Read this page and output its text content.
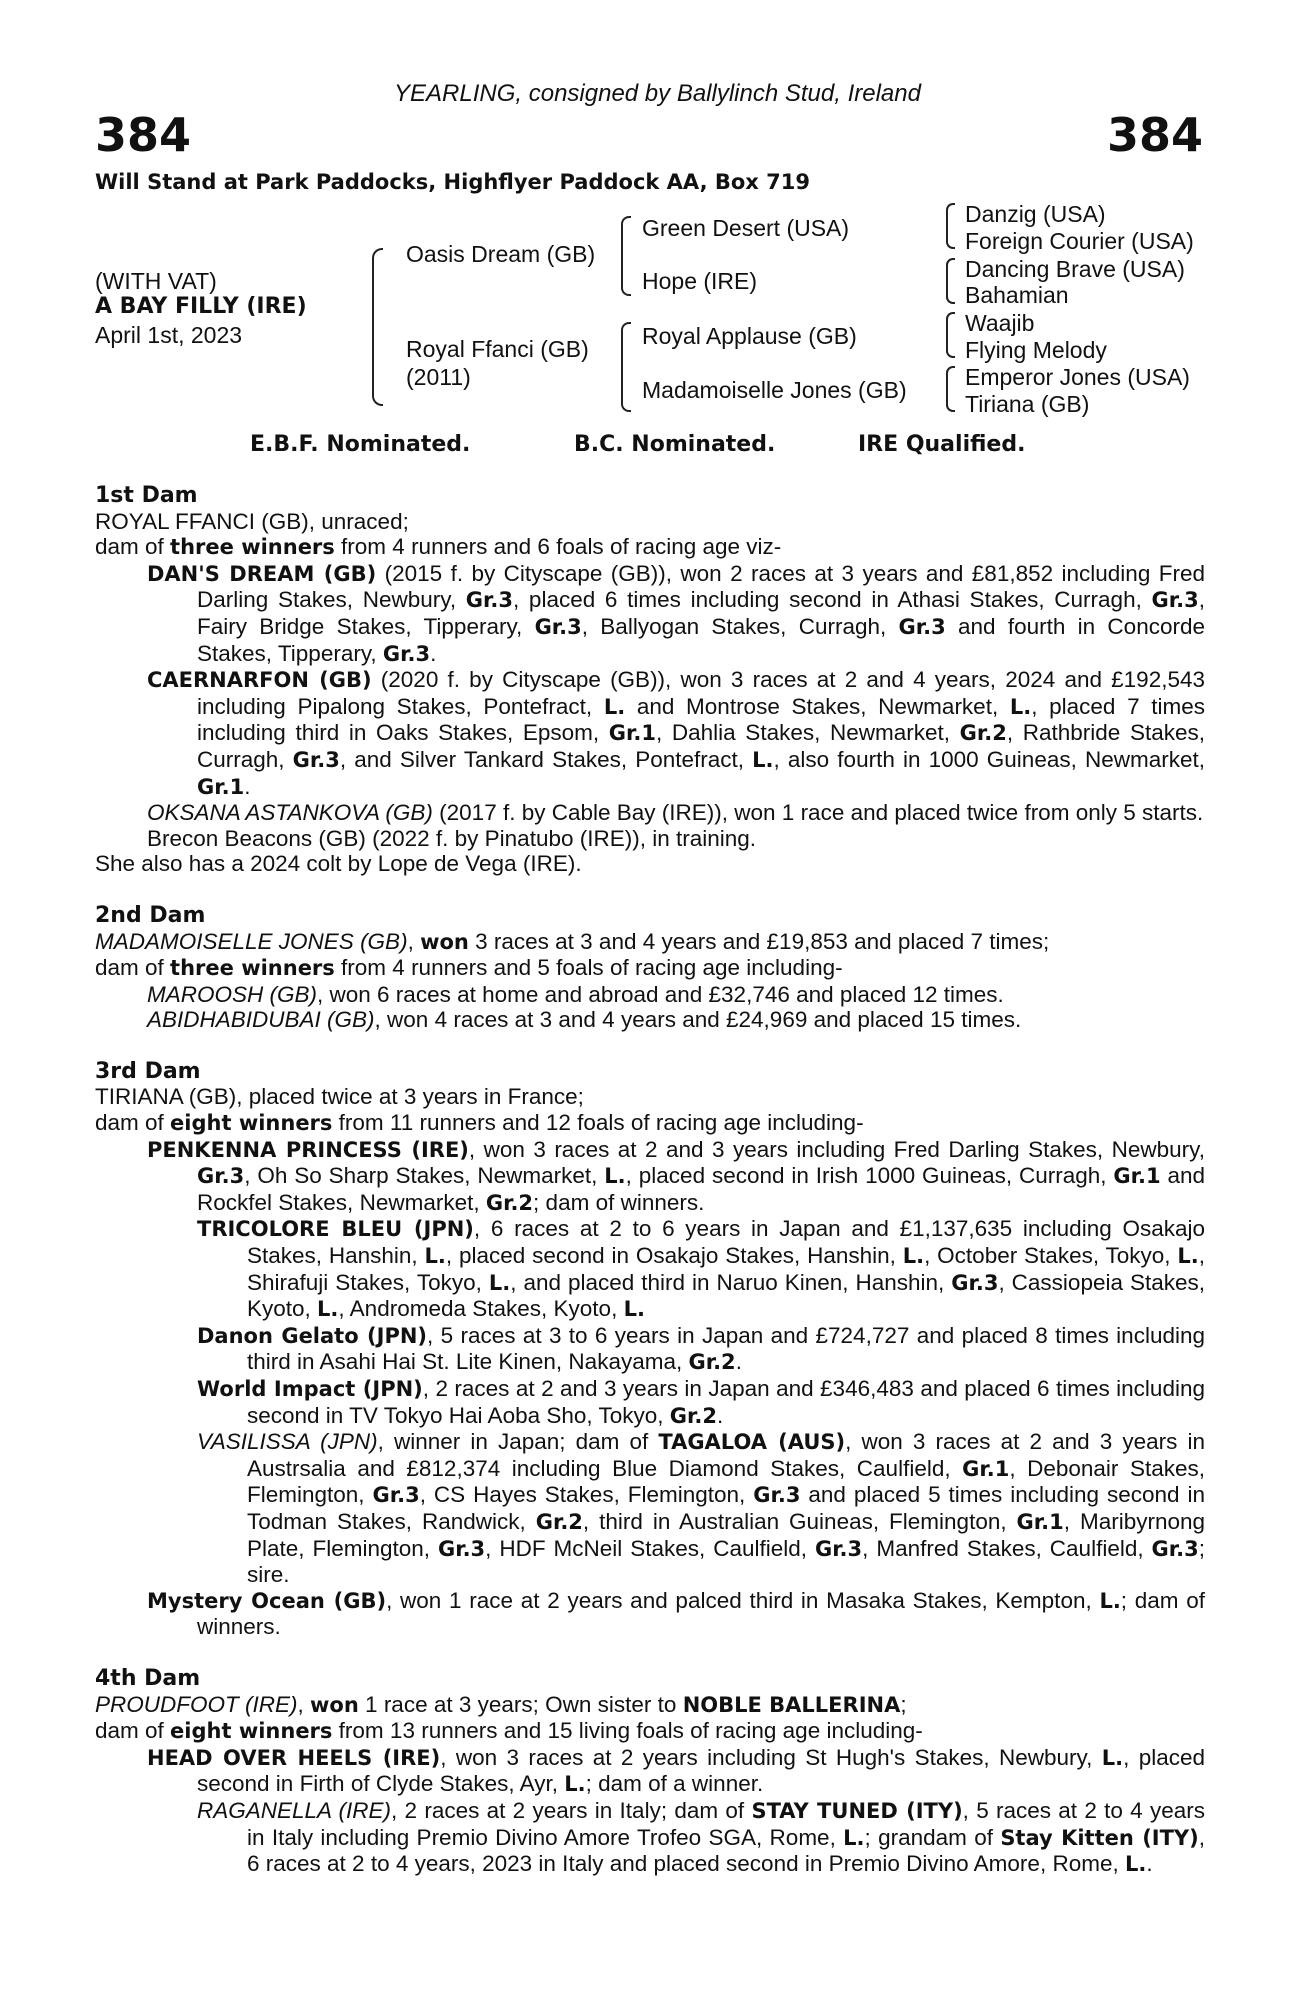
YEARLING, consigned by Ballylinch Stud, Ireland
384	384
Will Stand at Park Paddocks, Highflyer Paddock AA, Box 719
(WITH VAT)
A BAY FILLY (IRE)
April 1st, 2023
Oasis Dream (GB)
Royal Ffanci (GB)
(2011)
Green Desert (USA)
Hope (IRE)
Royal Applause (GB)
Madamoiselle Jones (GB)
Danzig (USA)
Foreign Courier (USA)
Dancing Brave (USA)
Bahamian
Waajib
Flying Melody
Emperor Jones (USA)
Tiriana (GB)
E.B.F. Nominated.	B.C. Nominated.	IRE Qualified.

1st Dam

ROYAL FFANCI (GB), unraced;

dam of three winners from 4 runners and 6 foals of racing age viz-

DAN'S DREAM (GB) (2015 f. by Cityscape (GB)), won 2 races at 3 years and £81,852 including Fred Darling Stakes, Newbury, Gr.3, placed 6 times including second in Athasi Stakes, Curragh, Gr.3, Fairy Bridge Stakes, Tipperary, Gr.3, Ballyogan Stakes, Curragh, Gr.3 and fourth in Concorde Stakes, Tipperary, Gr.3.

CAERNARFON (GB) (2020 f. by Cityscape (GB)), won 3 races at 2 and 4 years, 2024 and £192,543 including Pipalong Stakes, Pontefract, L. and Montrose Stakes, Newmarket, L., placed 7 times including third in Oaks Stakes, Epsom, Gr.1, Dahlia Stakes, Newmarket, Gr.2, Rathbride Stakes, Curragh, Gr.3, and Silver Tankard Stakes, Pontefract, L., also fourth in 1000 Guineas, Newmarket, Gr.1.

OKSANA ASTANKOVA (GB) (2017 f. by Cable Bay (IRE)), won 1 race and placed twice from only 5 starts.

Brecon Beacons (GB) (2022 f. by Pinatubo (IRE)), in training.

She also has a 2024 colt by Lope de Vega (IRE).

2nd Dam

MADAMOISELLE JONES (GB), won 3 races at 3 and 4 years and £19,853 and placed 7 times;

dam of three winners from 4 runners and 5 foals of racing age including-

MAROOSH (GB), won 6 races at home and abroad and £32,746 and placed 12 times.

ABIDHABIDUBAI (GB), won 4 races at 3 and 4 years and £24,969 and placed 15 times.

3rd Dam

TIRIANA (GB), placed twice at 3 years in France;

dam of eight winners from 11 runners and 12 foals of racing age including-

PENKENNA PRINCESS (IRE), won 3 races at 2 and 3 years including Fred Darling Stakes, Newbury, Gr.3, Oh So Sharp Stakes, Newmarket, L., placed second in Irish 1000 Guineas, Curragh, Gr.1 and Rockfel Stakes, Newmarket, Gr.2; dam of winners.

TRICOLORE BLEU (JPN), 6 races at 2 to 6 years in Japan and £1,137,635 including Osakajo Stakes, Hanshin, L., placed second in Osakajo Stakes, Hanshin, L., October Stakes, Tokyo, L., Shirafuji Stakes, Tokyo, L., and placed third in Naruo Kinen, Hanshin, Gr.3, Cassiopeia Stakes, Kyoto, L., Andromeda Stakes, Kyoto, L.

Danon Gelato (JPN), 5 races at 3 to 6 years in Japan and £724,727 and placed 8 times including third in Asahi Hai St. Lite Kinen, Nakayama, Gr.2.

World Impact (JPN), 2 races at 2 and 3 years in Japan and £346,483 and placed 6 times including second in TV Tokyo Hai Aoba Sho, Tokyo, Gr.2.

VASILISSA (JPN), winner in Japan; dam of TAGALOA (AUS), won 3 races at 2 and 3 years in Austrsalia and £812,374 including Blue Diamond Stakes, Caulfield, Gr.1, Debonair Stakes, Flemington, Gr.3, CS Hayes Stakes, Flemington, Gr.3 and placed 5 times including second in Todman Stakes, Randwick, Gr.2, third in Australian Guineas, Flemington, Gr.1, Maribyrnong Plate, Flemington, Gr.3, HDF McNeil Stakes, Caulfield, Gr.3, Manfred Stakes, Caulfield, Gr.3; sire.

Mystery Ocean (GB), won 1 race at 2 years and palced third in Masaka Stakes, Kempton, L.; dam of winners.

4th Dam

PROUDFOOT (IRE), won 1 race at 3 years; Own sister to NOBLE BALLERINA;

dam of eight winners from 13 runners and 15 living foals of racing age including-

HEAD OVER HEELS (IRE), won 3 races at 2 years including St Hugh's Stakes, Newbury, L., placed second in Firth of Clyde Stakes, Ayr, L.; dam of a winner.

RAGANELLA (IRE), 2 races at 2 years in Italy; dam of STAY TUNED (ITY), 5 races at 2 to 4 years in Italy including Premio Divino Amore Trofeo SGA, Rome, L.; grandam of Stay Kitten (ITY), 6 races at 2 to 4 years, 2023 in Italy and placed second in Premio Divino Amore, Rome, L..
